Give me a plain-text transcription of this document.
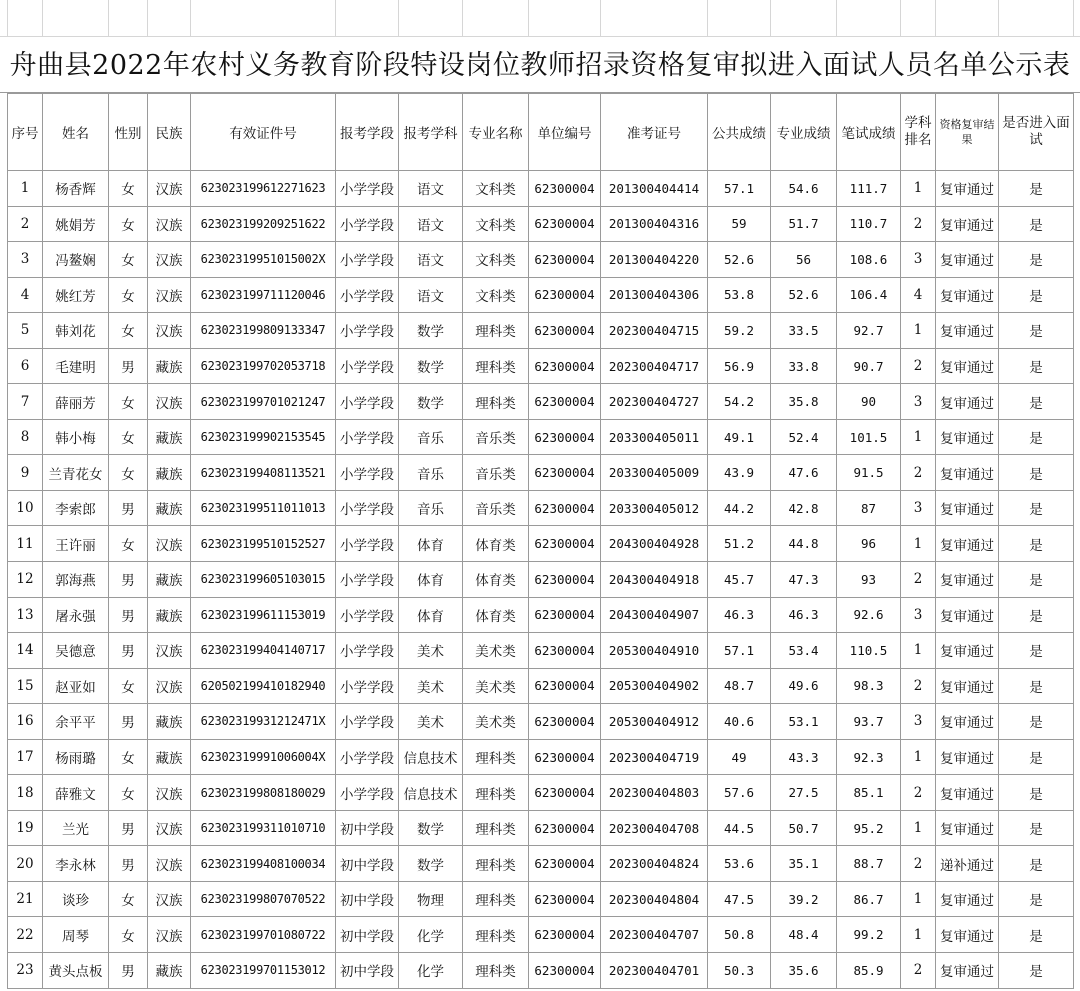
舟曲县2022年农村义务教育阶段特设岗位教师招录资格复审拟进入面试人员名单公示表
序号	姓名	性别	民族	有效证件号	报考学段	报考学科	专业名称	单位编号	准考证号	公共成绩	专业成绩	笔试成绩	学科排名	资格复审结果	是否进入面试
1	杨香辉	女	汉族	623023199612271623	小学学段	语文	文科类	62300004	201300404414	57.1	54.6	111.7	1	复审通过	是
2	姚娟芳	女	汉族	623023199209251622	小学学段	语文	文科类	62300004	201300404316	59	51.7	110.7	2	复审通过	是
3	冯鳌娴	女	汉族	62302319951015002X	小学学段	语文	文科类	62300004	201300404220	52.6	56	108.6	3	复审通过	是
4	姚红芳	女	汉族	623023199711120046	小学学段	语文	文科类	62300004	201300404306	53.8	52.6	106.4	4	复审通过	是
5	韩刘花	女	汉族	623023199809133347	小学学段	数学	理科类	62300004	202300404715	59.2	33.5	92.7	1	复审通过	是
6	毛建明	男	藏族	623023199702053718	小学学段	数学	理科类	62300004	202300404717	56.9	33.8	90.7	2	复审通过	是
7	薛丽芳	女	汉族	623023199701021247	小学学段	数学	理科类	62300004	202300404727	54.2	35.8	90	3	复审通过	是
8	韩小梅	女	藏族	623023199902153545	小学学段	音乐	音乐类	62300004	203300405011	49.1	52.4	101.5	1	复审通过	是
9	兰青花女	女	藏族	623023199408113521	小学学段	音乐	音乐类	62300004	203300405009	43.9	47.6	91.5	2	复审通过	是
10	李索郎	男	藏族	623023199511011013	小学学段	音乐	音乐类	62300004	203300405012	44.2	42.8	87	3	复审通过	是
11	王许丽	女	汉族	623023199510152527	小学学段	体育	体育类	62300004	204300404928	51.2	44.8	96	1	复审通过	是
12	郭海燕	男	藏族	623023199605103015	小学学段	体育	体育类	62300004	204300404918	45.7	47.3	93	2	复审通过	是
13	屠永强	男	藏族	623023199611153019	小学学段	体育	体育类	62300004	204300404907	46.3	46.3	92.6	3	复审通过	是
14	吴德意	男	汉族	623023199404140717	小学学段	美术	美术类	62300004	205300404910	57.1	53.4	110.5	1	复审通过	是
15	赵亚如	女	汉族	620502199410182940	小学学段	美术	美术类	62300004	205300404902	48.7	49.6	98.3	2	复审通过	是
16	余平平	男	藏族	62302319931212471X	小学学段	美术	美术类	62300004	205300404912	40.6	53.1	93.7	3	复审通过	是
17	杨雨璐	女	藏族	62302319991006004X	小学学段	信息技术	理科类	62300004	202300404719	49	43.3	92.3	1	复审通过	是
18	薛雅文	女	汉族	623023199808180029	小学学段	信息技术	理科类	62300004	202300404803	57.6	27.5	85.1	2	复审通过	是
19	兰光	男	汉族	623023199311010710	初中学段	数学	理科类	62300004	202300404708	44.5	50.7	95.2	1	复审通过	是
20	李永林	男	汉族	623023199408100034	初中学段	数学	理科类	62300004	202300404824	53.6	35.1	88.7	2	递补通过	是
21	谈珍	女	汉族	623023199807070522	初中学段	物理	理科类	62300004	202300404804	47.5	39.2	86.7	1	复审通过	是
22	周琴	女	汉族	623023199701080722	初中学段	化学	理科类	62300004	202300404707	50.8	48.4	99.2	1	复审通过	是
23	黄头点板	男	藏族	623023199701153012	初中学段	化学	理科类	62300004	202300404701	50.3	35.6	85.9	2	复审通过	是
